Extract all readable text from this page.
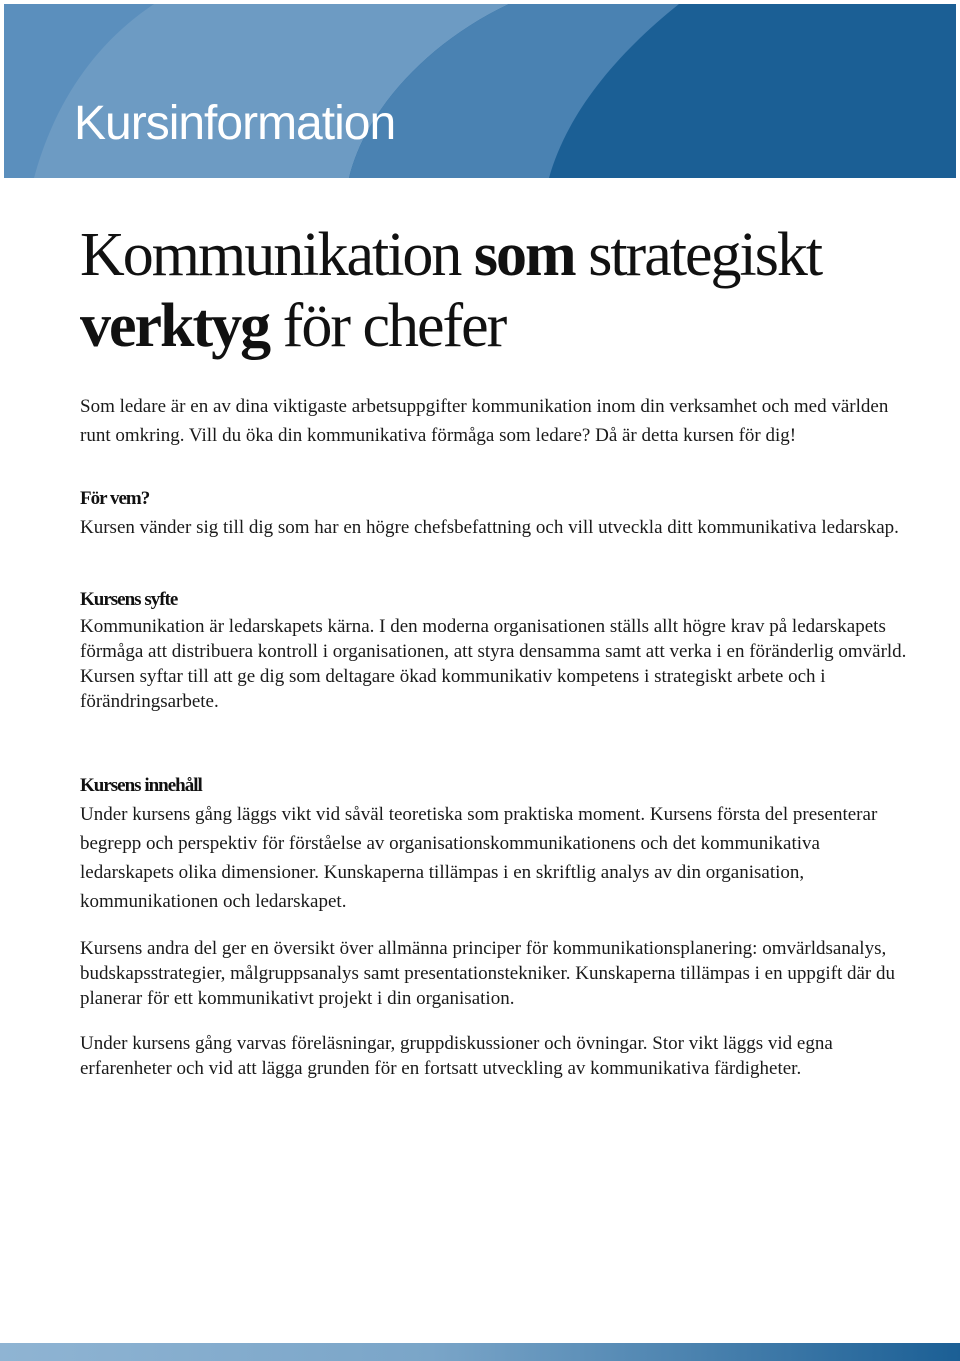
Kursinformation
Kommunikation som strategiskt
verktyg för chefer

Som ledare är en av dina viktigaste arbetsuppgifter kommunikation inom din verksamhet och med världen runt omkring. Vill du öka din kommunikativa förmåga som ledare? Då är detta kursen för dig!

För vem?

Kursen vänder sig till dig som har en högre chefsbefattning och vill utveckla ditt kommunikativa ledarskap.

Kursens syfte

Kommunikation är ledarskapets kärna. I den moderna organisationen ställs allt högre krav på ledarskapets förmåga att distribuera kontroll i organisationen, att styra densamma samt att verka i en föränderlig omvärld. Kursen syftar till att ge dig som deltagare ökad kommunikativ kompetens i strategiskt arbete och i förändringsarbete.

Kursens innehåll

Under kursens gång läggs vikt vid såväl teoretiska som praktiska moment. Kursens första del presenterar begrepp och perspektiv för förståelse av organisationskommunikationens och det kommunikativa ledarskapets olika dimensioner. Kunskaperna tillämpas i en skriftlig analys av din organisation, kommunikationen och ledarskapet.

Kursens andra del ger en översikt över allmänna principer för kommunikationsplanering: omvärldsanalys, budskapsstrategier, målgruppsanalys samt presentationstekniker. Kunskaperna tillämpas i en uppgift där du planerar för ett kommunikativt projekt i din organisation.

Under kursens gång varvas föreläsningar, gruppdiskussioner och övningar. Stor vikt läggs vid egna erfarenheter och vid att lägga grunden för en fortsatt utveckling av kommunikativa färdigheter.
